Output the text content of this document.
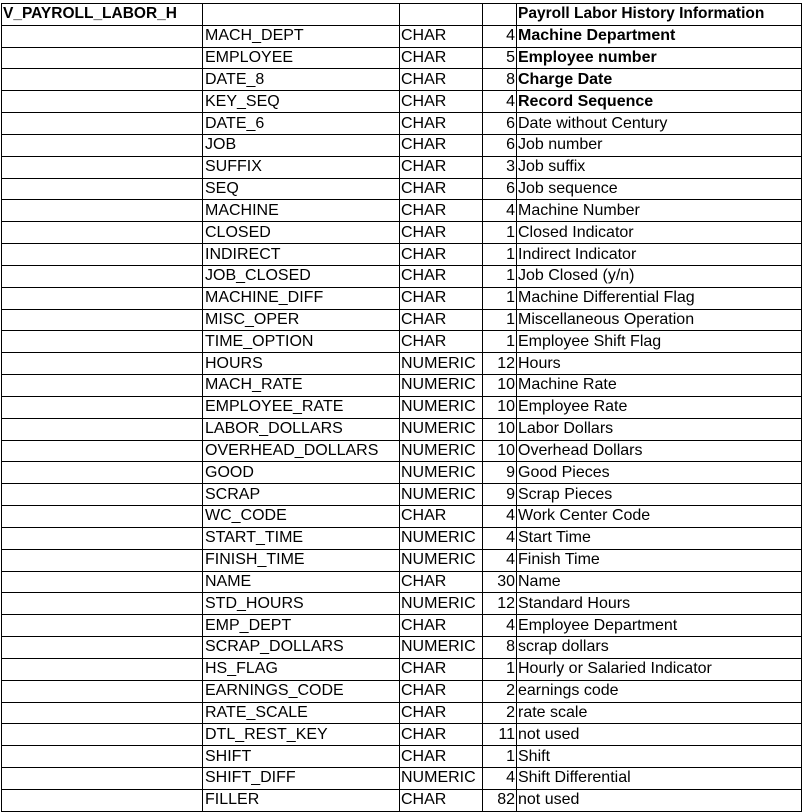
V_PAYROLL_LABOR_H				Payroll Labor History Information
	MACH_DEPT	CHAR	4	Machine Department
	EMPLOYEE	CHAR	5	Employee number
	DATE_8	CHAR	8	Charge Date
	KEY_SEQ	CHAR	4	Record Sequence
	DATE_6	CHAR	6	Date without Century
	JOB	CHAR	6	Job number
	SUFFIX	CHAR	3	Job suffix
	SEQ	CHAR	6	Job sequence
	MACHINE	CHAR	4	Machine Number
	CLOSED	CHAR	1	Closed Indicator
	INDIRECT	CHAR	1	Indirect Indicator
	JOB_CLOSED	CHAR	1	Job Closed (y/n)
	MACHINE_DIFF	CHAR	1	Machine Differential Flag
	MISC_OPER	CHAR	1	Miscellaneous Operation
	TIME_OPTION	CHAR	1	Employee Shift Flag
	HOURS	NUMERIC	12	Hours
	MACH_RATE	NUMERIC	10	Machine Rate
	EMPLOYEE_RATE	NUMERIC	10	Employee Rate
	LABOR_DOLLARS	NUMERIC	10	Labor Dollars
	OVERHEAD_DOLLARS	NUMERIC	10	Overhead Dollars
	GOOD	NUMERIC	9	Good Pieces
	SCRAP	NUMERIC	9	Scrap Pieces
	WC_CODE	CHAR	4	Work Center Code
	START_TIME	NUMERIC	4	Start Time
	FINISH_TIME	NUMERIC	4	Finish Time
	NAME	CHAR	30	Name
	STD_HOURS	NUMERIC	12	Standard Hours
	EMP_DEPT	CHAR	4	Employee Department
	SCRAP_DOLLARS	NUMERIC	8	scrap dollars
	HS_FLAG	CHAR	1	Hourly or Salaried Indicator
	EARNINGS_CODE	CHAR	2	earnings code
	RATE_SCALE	CHAR	2	rate scale
	DTL_REST_KEY	CHAR	11	not used
	SHIFT	CHAR	1	Shift
	SHIFT_DIFF	NUMERIC	4	Shift Differential
	FILLER	CHAR	82	not used
